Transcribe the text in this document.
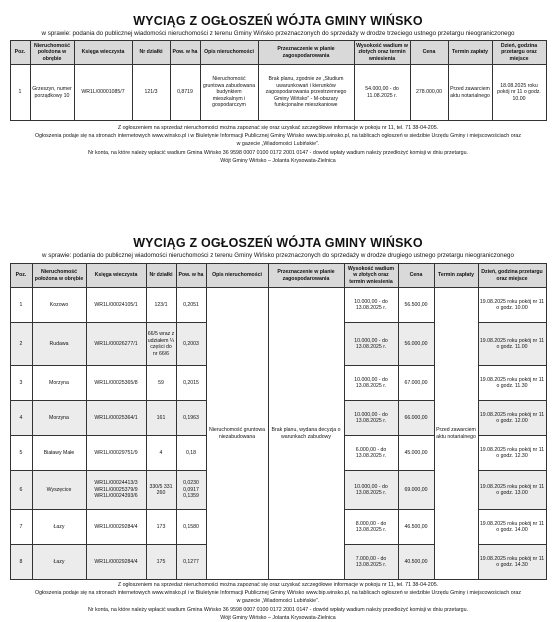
WYCIĄG Z OGŁOSZEŃ WÓJTA GMINY WIŃSKO
w sprawie: podania do publicznej wiadomości nieruchomości z terenu Gminy Wińsko przeznaczonych do sprzedaży w drodze trzeciego ustnego przetargu nieograniczonego
Poz.	Nieruchomość położona w obrębie	Księga wieczysta	Nr działki	Pow. w ha	Opis nieruchomości	Przeznaczenie w planie zagospodarowania	Wysokość wadium w złotych oraz termin wniesienia	Cena	Termin zapłaty	Dzień, godzina przetargu oraz miejsce
1	Grzeszyn, numer porządkowy 10	WR1L/00001085/7	121/3	0,8719	Nieruchomość gruntowa zabudowana budynkiem mieszkalnym i gospodarczym	Brak planu, zgodnie ze „Studium uwarunkowań i kierunków zagospodarowania przestrzennego Gminy Wińsko” - M-obszary funkcjonalne mieszkaniowe	54.000,00 - do 11.08.2025 r.	278.000,00	Przed zawarciem aktu notarialnego	18.08.2025 roku pokój nr 11 o godz. 10.00
Z ogłoszeniem na sprzedaż nieruchomości można zapoznać się oraz uzyskać szczegółowe informacje w pokoju nr 11, tel. 71 38-04-205.
Ogłoszenia podaje się na stronach internetowych www.winsko.pl i w Biuletynie Informacji Publicznej Gminy Wińsko www.bip.winsko.pl, na tablicach ogłoszeń w siedzibie Urzędu Gminy i miejscowościach oraz
w gazecie „Wiadomości Lubińskie”.
Nr konta, na które należy wpłacić wadium Gmina Wińsko 36 9598 0007 0100 0172 2001 0147 - dowód wpłaty wadium należy przedłożyć komisji w dniu przetargu.
Wójt Gminy Wińsko – Jolanta Krysowata-Zielnica
WYCIĄG Z OGŁOSZEŃ WÓJTA GMINY WIŃSKO
w sprawie: podania do publicznej wiadomości nieruchomości z terenu Gminy Wińsko przeznaczonych do sprzedaży w drodze drugiego ustnego przetargu nieograniczonego
Poz.	Nieruchomość położona w obrębie	Księga wieczysta	Nr działki	Pow. w ha	Opis nieruchomości	Przeznaczenie w planie zagospodarowania	Wysokość wadium w złotych oraz termin wniesienia	Cena	Termin zapłaty	Dzień, godzina przetargu oraz miejsce
1	Kozowo	WR1L/00024105/1	123/1	0,2051	Nieruchomość gruntowa niezabudowana	Brak planu, wydana decyzja o warunkach zabudowy	10.000,00 - do 13.08.2025 r.	56.500,00	Przed zawarciem aktu notarialnego	19.08.2025 roku pokój nr 11 o godz. 10.00
2	Rudawa	WR1L/00026277/1	66/5 wraz z udziałem ¼ części do nr 66/6	0,2003			10.000,00 - do 13.08.2025 r.	56.000,00		19.08.2025 roku pokój nr 11 o godz. 11.00
3	Morzyna	WR1L/00025365/8	59	0,2015			10.000,00 - do 13.08.2025 r.	67.000,00		19.08.2025 roku pokój nr 11 o godz. 11.30
4	Morzyna	WR1L/00025364/1	161	0,1963			10.000,00 - do 13.08.2025 r.	66.000,00		19.08.2025 roku pokój nr 11 o godz. 12.00
5	Białawy Małe	WR1L/00029751/9	4	0,18			6.000,00 - do 13.08.2025 r.	45.000,00		19.08.2025 roku pokój nr 11 o godz. 12.30
6	Wyszęcice	WR1L/00024413/3 WR1L/00025379/9 WR1L/00024393/6	330/5 331 260	0,0230 0,0917 0,1359			10.000,00 - do 13.08.2025 r.	69.000,00		19.08.2025 roku pokój nr 11 o godz. 13.00
7	Łazy	WR1L/00029284/4	173	0,1580			8.000,00 - do 13.08.2025 r.	46.500,00		19.08.2025 roku pokój nr 11 o godz. 14.00
8	Łazy	WR1L/00029284/4	175	0,1277			7.000,00 - do 13.08.2025 r.	40.500,00		19.08.2025 roku pokój nr 11 o godz. 14.30
Z ogłoszeniem na sprzedaż nieruchomości można zapoznać się oraz uzyskać szczegółowe informacje w pokoju nr 11, tel. 71 38-04-205.
Ogłoszenia podaje się na stronach internetowych www.winsko.pl i w Biuletynie Informacji Publicznej Gminy Wińsko www.bip.winsko.pl, na tablicach ogłoszeń w siedzibie Urzędu Gminy i miejscowościach oraz
w gazecie „Wiadomości Lubińskie”.
Nr konta, na które należy wpłacić wadium Gmina Wińsko 36 9598 0007 0100 0172 2001 0147 - dowód wpłaty wadium należy przedłożyć komisji w dniu przetargu.
Wójt Gminy Wińsko – Jolanta Krysowata-Zielnica
